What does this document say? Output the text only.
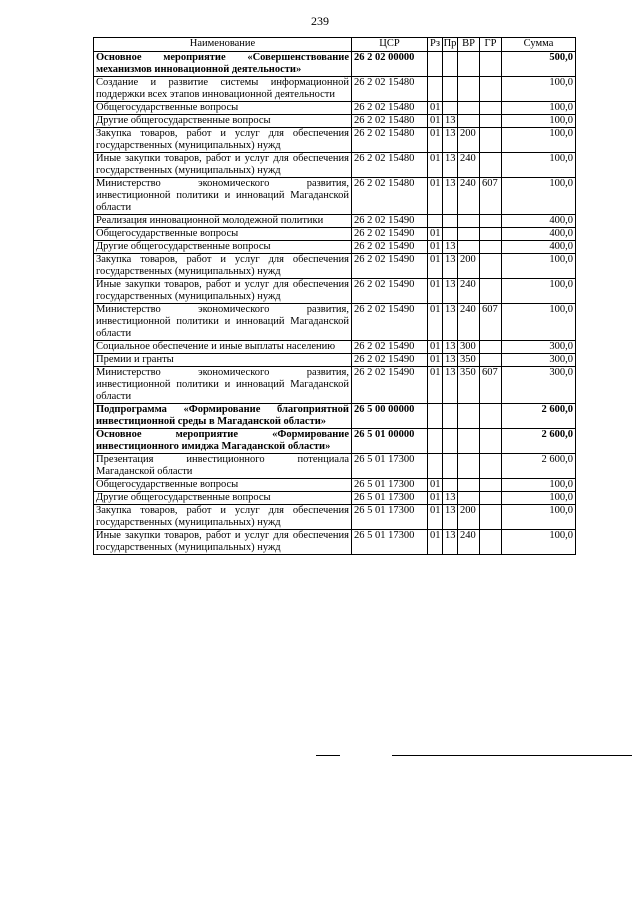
239
Наименование	ЦСР	Рз	Пр	ВР	ГР	Сумма
Основное мероприятие «Совершенствование механизмов инновационной деятельности»	26 2 02 00000					500,0
Создание и развитие системы информационной поддержки всех этапов инновационной деятельности	26 2 02 15480					100,0
Общегосударственные вопросы	26 2 02 15480	01				100,0
Другие общегосударственные вопросы	26 2 02 15480	01	13			100,0
Закупка товаров, работ и услуг для обеспечения государственных (муниципальных) нужд	26 2 02 15480	01	13	200		100,0
Иные закупки товаров, работ и услуг для обеспечения государственных (муниципальных) нужд	26 2 02 15480	01	13	240		100,0
Министерство экономического развития, инвестиционной политики и инноваций Магаданской области	26 2 02 15480	01	13	240	607	100,0
Реализация инновационной молодежной политики	26 2 02 15490					400,0
Общегосударственные вопросы	26 2 02 15490	01				400,0
Другие общегосударственные вопросы	26 2 02 15490	01	13			400,0
Закупка товаров, работ и услуг для обеспечения государственных (муниципальных) нужд	26 2 02 15490	01	13	200		100,0
Иные закупки товаров, работ и услуг для обеспечения государственных (муниципальных) нужд	26 2 02 15490	01	13	240		100,0
Министерство экономического развития, инвестиционной политики и инноваций Магаданской области	26 2 02 15490	01	13	240	607	100,0
Социальное обеспечение и иные выплаты населению	26 2 02 15490	01	13	300		300,0
Премии и гранты	26 2 02 15490	01	13	350		300,0
Министерство экономического развития, инвестиционной политики и инноваций Магаданской области	26 2 02 15490	01	13	350	607	300,0
Подпрограмма «Формирование благоприятной инвестиционной среды в Магаданской области»	26 5 00 00000					2 600,0
Основное мероприятие «Формирование инвестиционного имиджа Магаданской области»	26 5 01 00000					2 600,0
Презентация инвестиционного потенциала Магаданской области	26 5 01 17300					2 600,0
Общегосударственные вопросы	26 5 01 17300	01				100,0
Другие общегосударственные вопросы	26 5 01 17300	01	13			100,0
Закупка товаров, работ и услуг для обеспечения государственных (муниципальных) нужд	26 5 01 17300	01	13	200		100,0
Иные закупки товаров, работ и услуг для обеспечения государственных (муниципальных) нужд	26 5 01 17300	01	13	240		100,0
